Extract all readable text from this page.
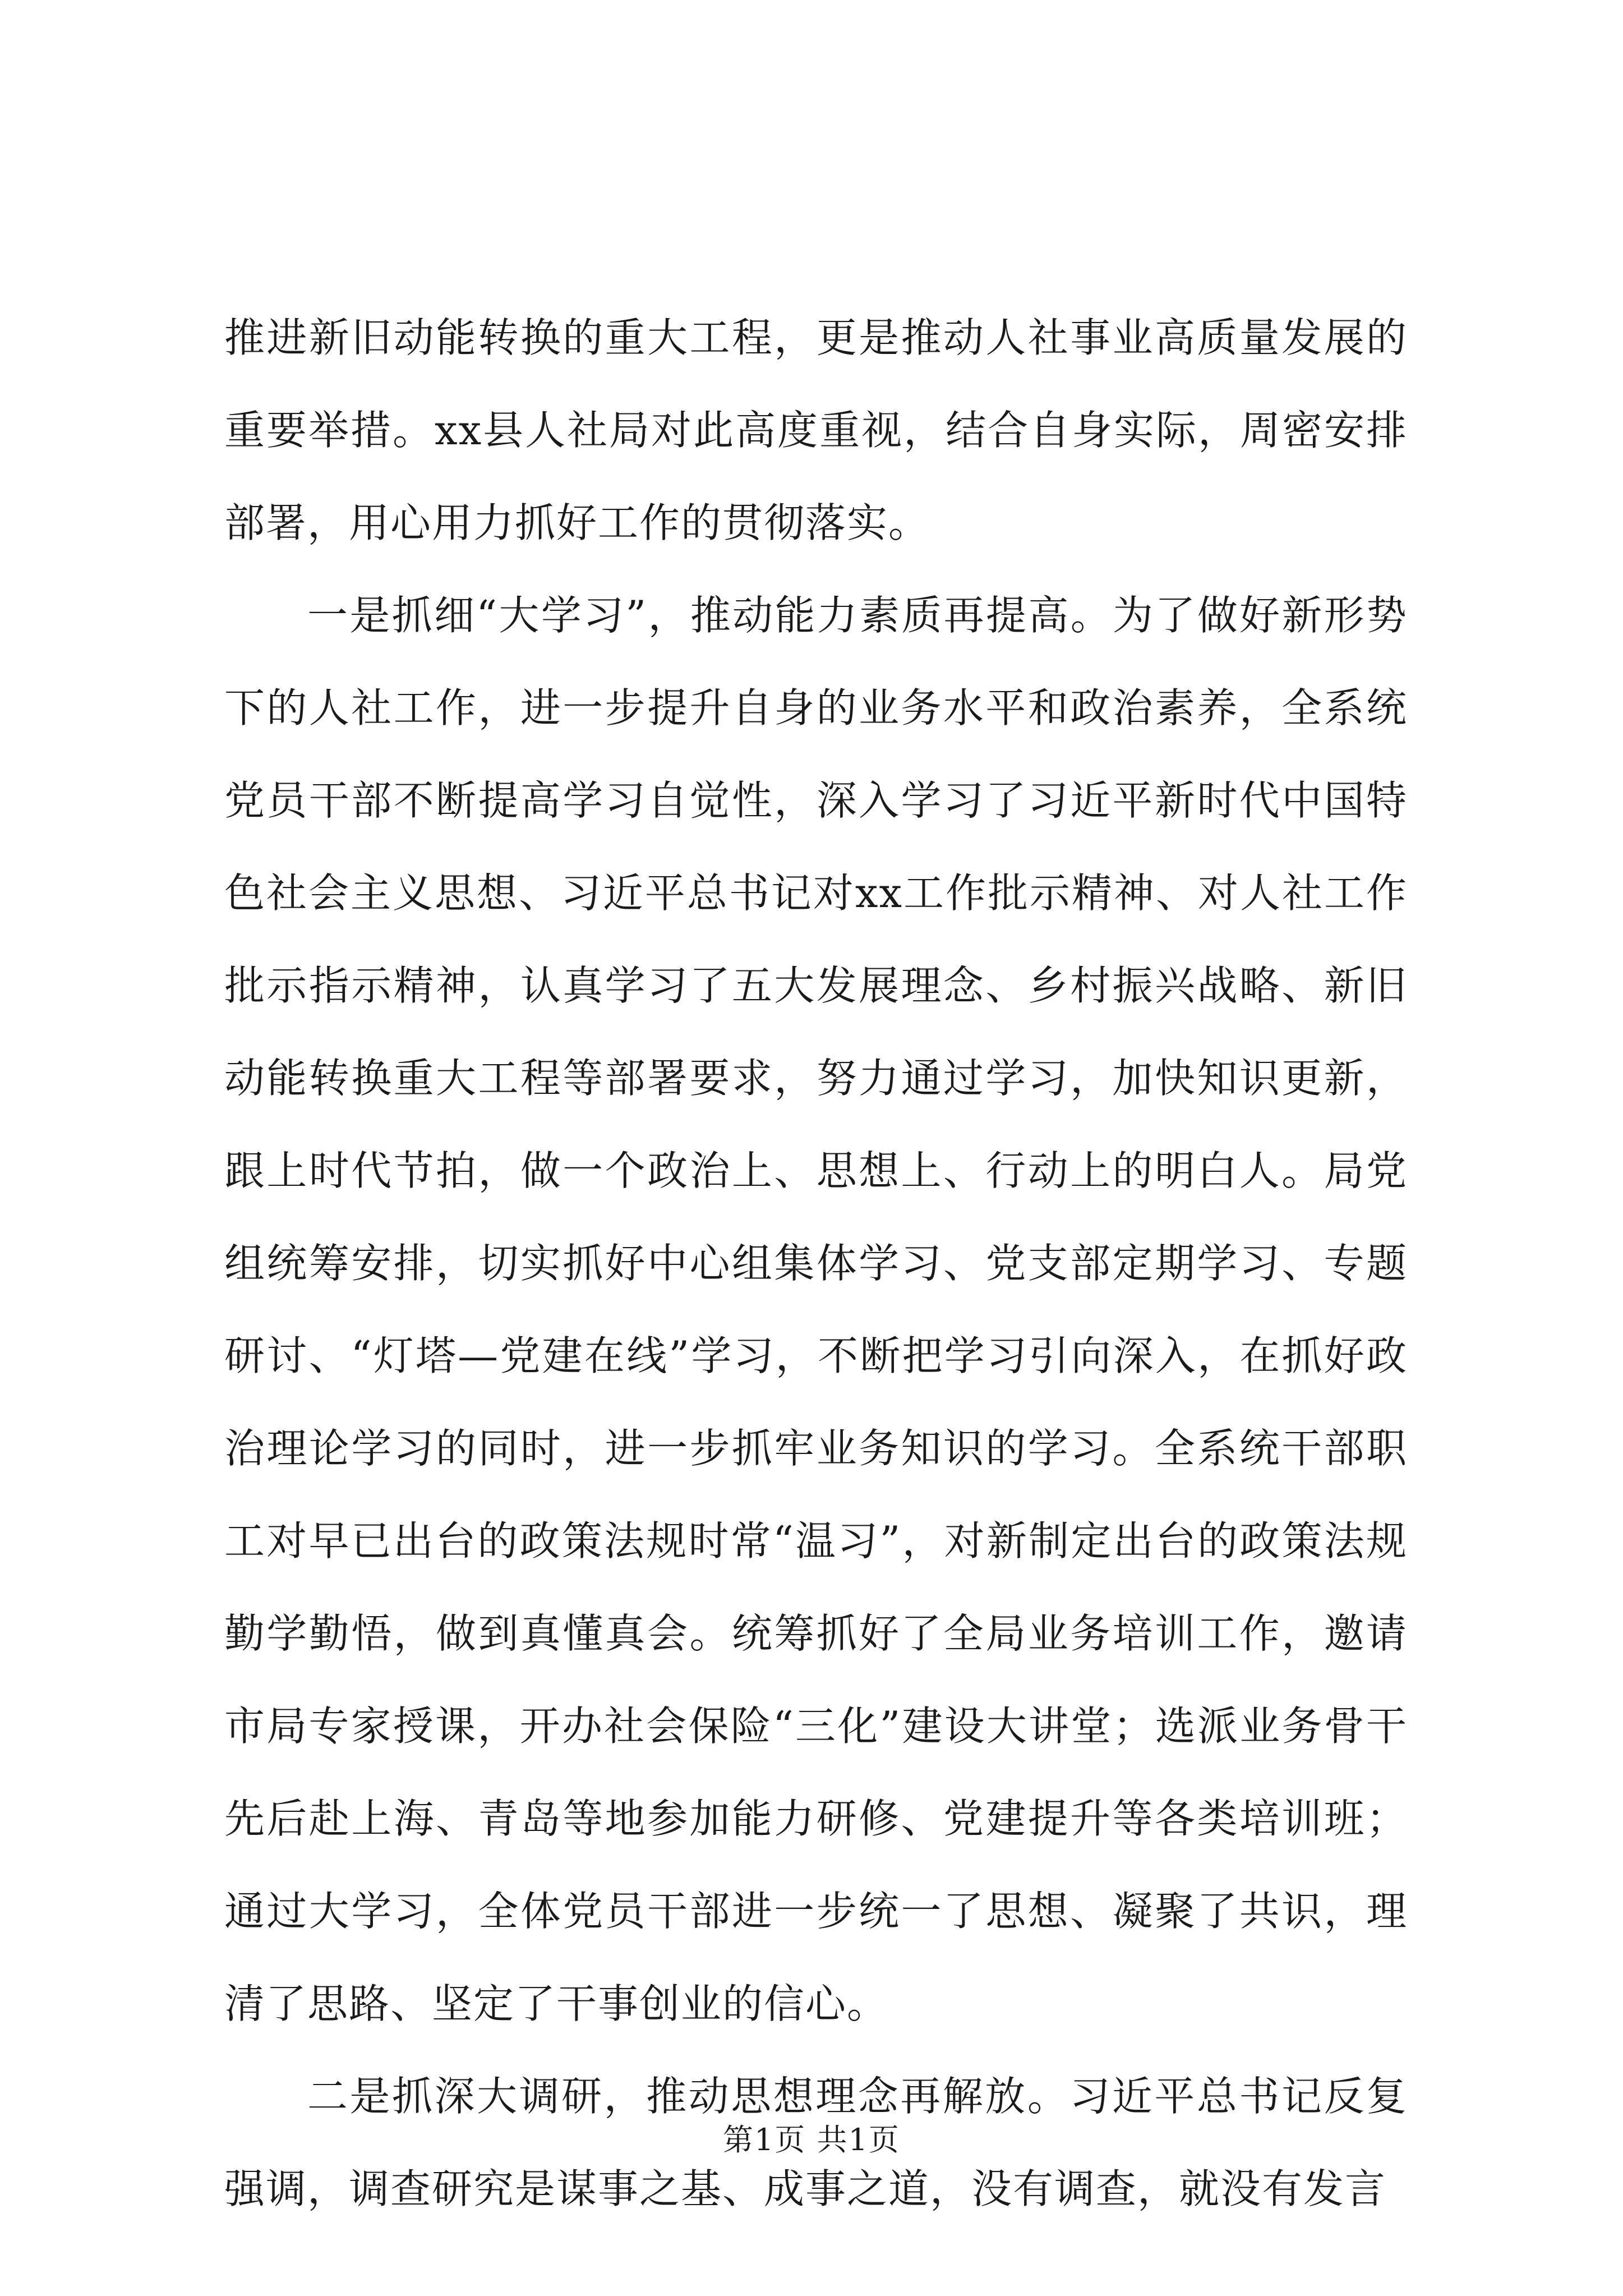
推进新旧动能转换的重大工程，更是推动人社事业高质量发展的重要举措。xx县人社局对此高度重视，结合自身实际，周密安排部署，用心用力抓好工作的贯彻落实。

一是抓细“大学习”，推动能力素质再提高。为了做好新形势下的人社工作，进一步提升自身的业务水平和政治素养，全系统党员干部不断提高学习自觉性，深入学习了习近平新时代中国特色社会主义思想、习近平总书记对xx工作批示精神、对人社工作批示指示精神，认真学习了五大发展理念、乡村振兴战略、新旧动能转换重大工程等部署要求，努力通过学习，加快知识更新，跟上时代节拍，做一个政治上、思想上、行动上的明白人。局党组统筹安排，切实抓好中心组集体学习、党支部定期学习、专题研讨、“灯塔—党建在线”学习，不断把学习引向深入，在抓好政治理论学习的同时，进一步抓牢业务知识的学习。全系统干部职工对早已出台的政策法规时常“温习”，对新制定出台的政策法规勤学勤悟，做到真懂真会。统筹抓好了全局业务培训工作，邀请市局专家授课，开办社会保险“三化”建设大讲堂；选派业务骨干先后赴上海、青岛等地参加能力研修、党建提升等各类培训班；通过大学习，全体党员干部进一步统一了思想、凝聚了共识，理清了思路、坚定了干事创业的信心。

二是抓深大调研，推动思想理念再解放。习近平总书记反复强调，调查研究是谋事之基、成事之道，没有调查，就没有发言

第1页 共1页
